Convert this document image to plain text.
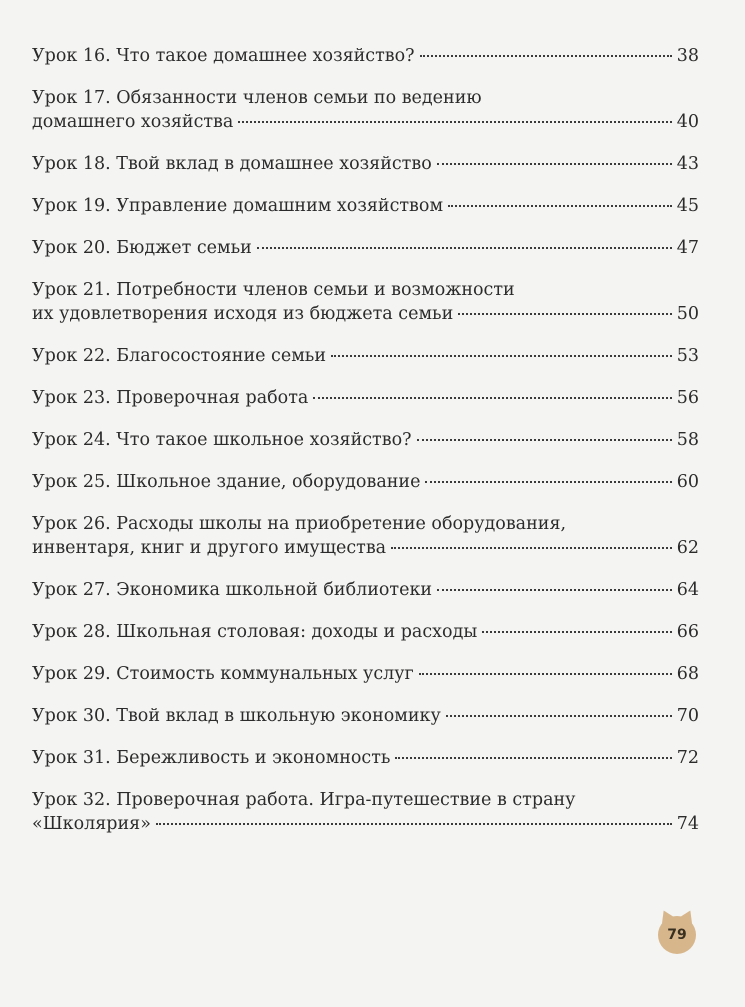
Урок 16. Что такое домашнее хозяйство?	38
Урок 17. Обязанности членов семьи по ведению
домашнего хозяйства	40
Урок 18. Твой вклад в домашнее хозяйство	43
Урок 19. Управление домашним хозяйством	45
Урок 20. Бюджет семьи	47
Урок 21. Потребности членов семьи и возможности
их удовлетворения исходя из бюджета семьи	50
Урок 22. Благосостояние семьи	53
Урок 23. Проверочная работа	56
Урок 24. Что такое школьное хозяйство?	58
Урок 25. Школьное здание, оборудование	60
Урок 26. Расходы школы на приобретение оборудования,
инвентаря, книг и другого имущества	62
Урок 27. Экономика школьной библиотеки	64
Урок 28. Школьная столовая: доходы и расходы	66
Урок 29. Стоимость коммунальных услуг	68
Урок 30. Твой вклад в школьную экономику	70
Урок 31. Бережливость и экономность	72
Урок 32. Проверочная работа. Игра-путешествие в страну
«Школярия»	74
79
